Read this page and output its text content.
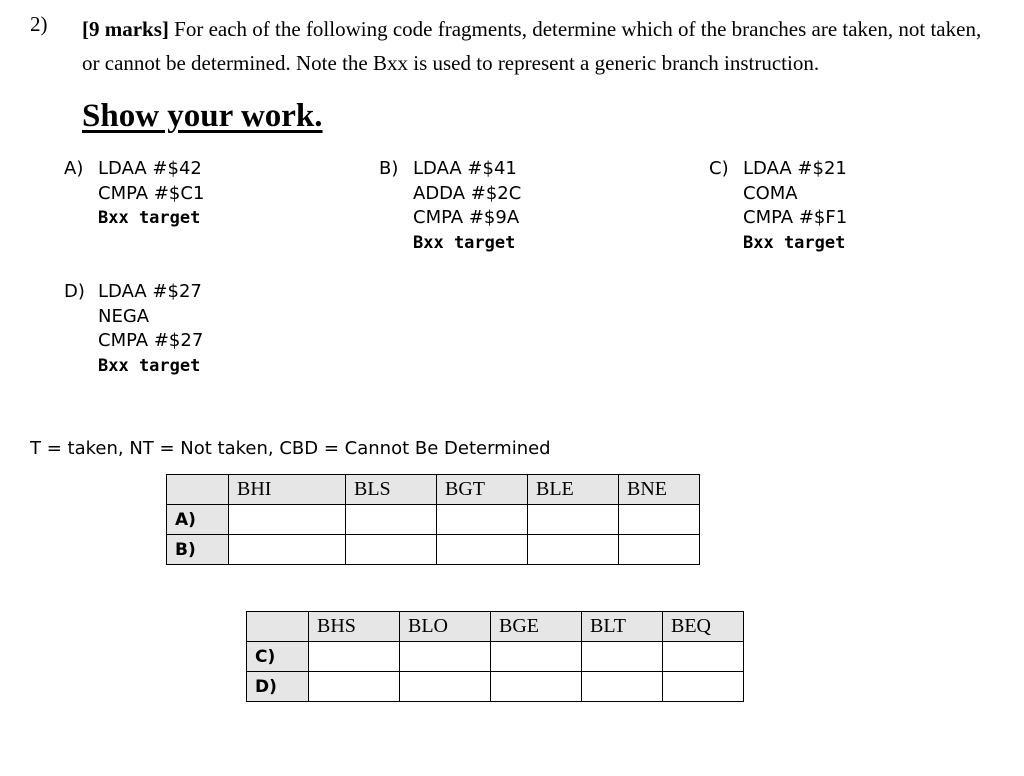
2) [9 marks] For each of the following code fragments, determine which of the branches are taken, not taken, or cannot be determined. Note the Bxx is used to represent a generic branch instruction.
Show your work.
A) LDAA #$42
CMPA #$C1
Bxx target
B) LDAA #$41
ADDA #$2C
CMPA #$9A
Bxx target
C) LDAA #$21
COMA
CMPA #$F1
Bxx target
D) LDAA #$27
NEGA
CMPA #$27
Bxx target
T = taken, NT = Not taken, CBD = Cannot Be Determined
	BHI	BLS	BGT	BLE	BNE
A)					
B)					
	BHS	BLO	BGE	BLT	BEQ
C)					
D)					
